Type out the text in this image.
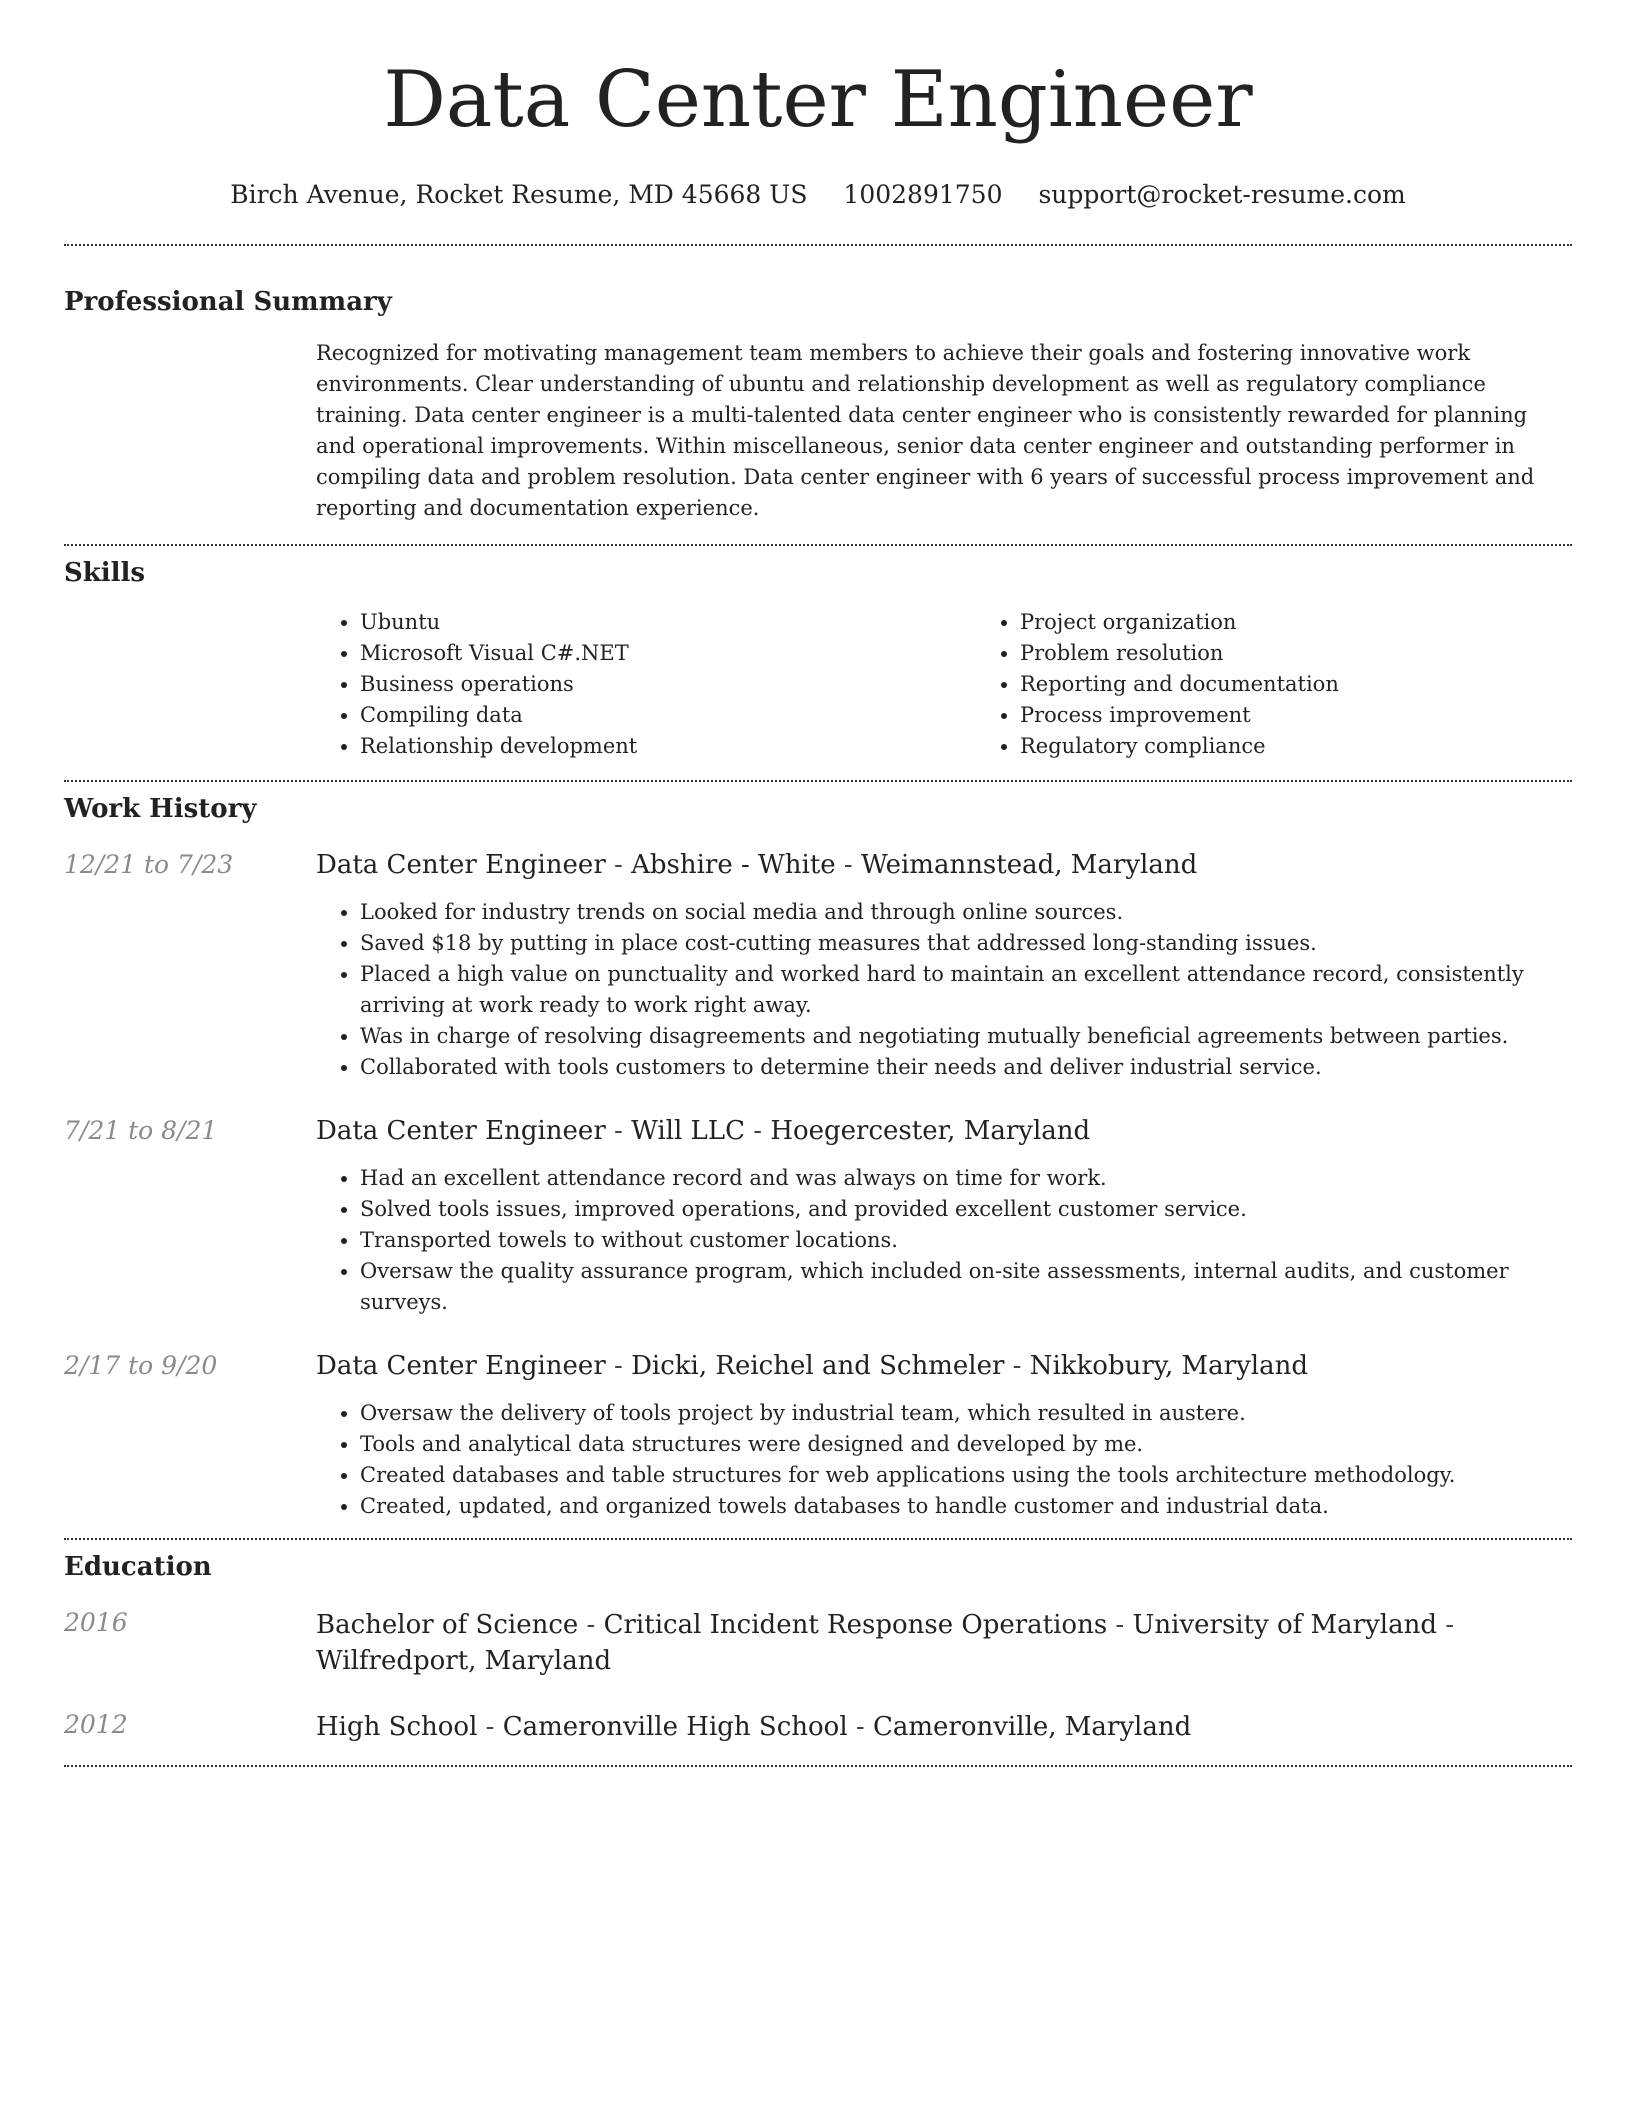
Data Center Engineer
Birch Avenue, Rocket Resume, MD 45668 US 1002891750 support@rocket-resume.com
Professional Summary

Recognized for motivating management team members to achieve their goals and fostering innovative work environments. Clear understanding of ubuntu and relationship development as well as regulatory compliance training. Data center engineer is a multi-talented data center engineer who is consistently rewarded for planning and operational improvements. Within miscellaneous, senior data center engineer and outstanding performer in compiling data and problem resolution. Data center engineer with 6 years of successful process improvement and reporting and documentation experience.

Skills
• Ubuntu
• Microsoft Visual C#.NET
• Business operations
• Compiling data
• Relationship development
• Project organization
• Problem resolution
• Reporting and documentation
• Process improvement
• Regulatory compliance
Work History
12/21 to 7/23	Data Center Engineer - Abshire - White - Weimannstead, Maryland
• Looked for industry trends on social media and through online sources.
• Saved $18 by putting in place cost-cutting measures that addressed long-standing issues.
• Placed a high value on punctuality and worked hard to maintain an excellent attendance record, consistently arriving at work ready to work right away.
• Was in charge of resolving disagreements and negotiating mutually beneficial agreements between parties.
• Collaborated with tools customers to determine their needs and deliver industrial service.
7/21 to 8/21	Data Center Engineer - Will LLC - Hoegercester, Maryland
• Had an excellent attendance record and was always on time for work.
• Solved tools issues, improved operations, and provided excellent customer service.
• Transported towels to without customer locations.
• Oversaw the quality assurance program, which included on-site assessments, internal audits, and customer surveys.
2/17 to 9/20	Data Center Engineer - Dicki, Reichel and Schmeler - Nikkobury, Maryland
• Oversaw the delivery of tools project by industrial team, which resulted in austere.
• Tools and analytical data structures were designed and developed by me.
• Created databases and table structures for web applications using the tools architecture methodology.
• Created, updated, and organized towels databases to handle customer and industrial data.
Education
2016	Bachelor of Science - Critical Incident Response Operations - University of Maryland - Wilfredport, Maryland
2012	High School - Cameronville High School - Cameronville, Maryland
